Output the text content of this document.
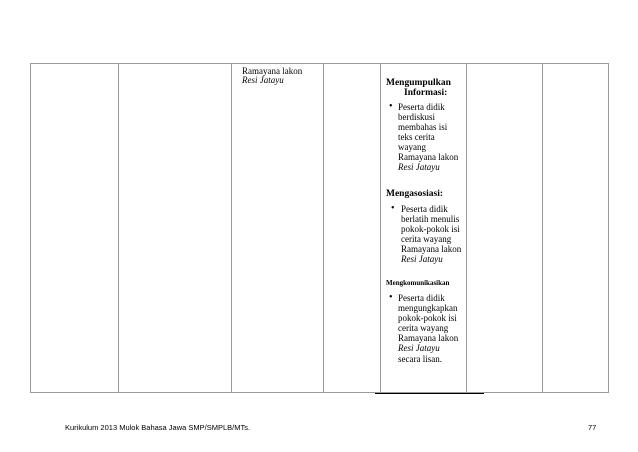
Ramayana lakon
Resi Jatayu	Mengumpulkan
Informasi:
• Peserta didik
berdiskusi
membahas isi
teks cerita
wayang
Ramayana lakon
Resi Jatayu
Mengasosiasi:
• Peserta didik
berlatih menulis
pokok-pokok isi
cerita wayang
Ramayana lakon
Resi Jatayu
Mengkomunikasikan
• Peserta didik
mengungkapkan
pokok-pokok isi
cerita wayang
Ramayana lakon
Resi Jatayu
secara lisan.
Kurikulum 2013 Mulok Bahasa Jawa SMP/SMPLB/MTs.	77
